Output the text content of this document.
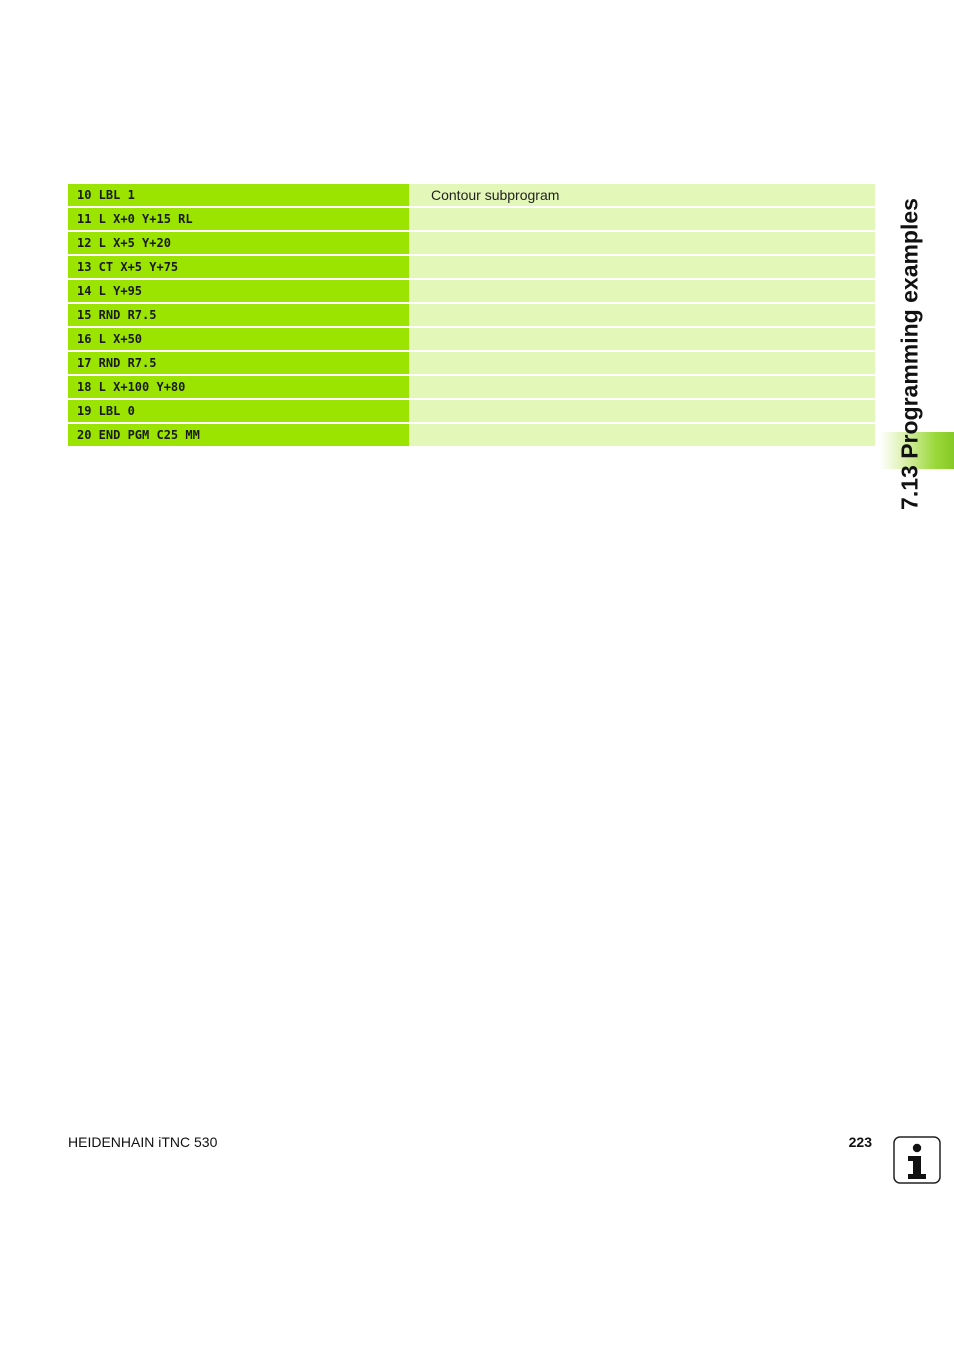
10 LBL 1	Contour subprogram
11 L X+0 Y+15 RL
12 L X+5 Y+20
13 CT X+5 Y+75
14 L Y+95
15 RND R7.5
16 L X+50
17 RND R7.5
18 L X+100 Y+80
19 LBL 0
20 END PGM C25 MM	7.13 Programming examples
HEIDENHAIN iTNC 530	223
